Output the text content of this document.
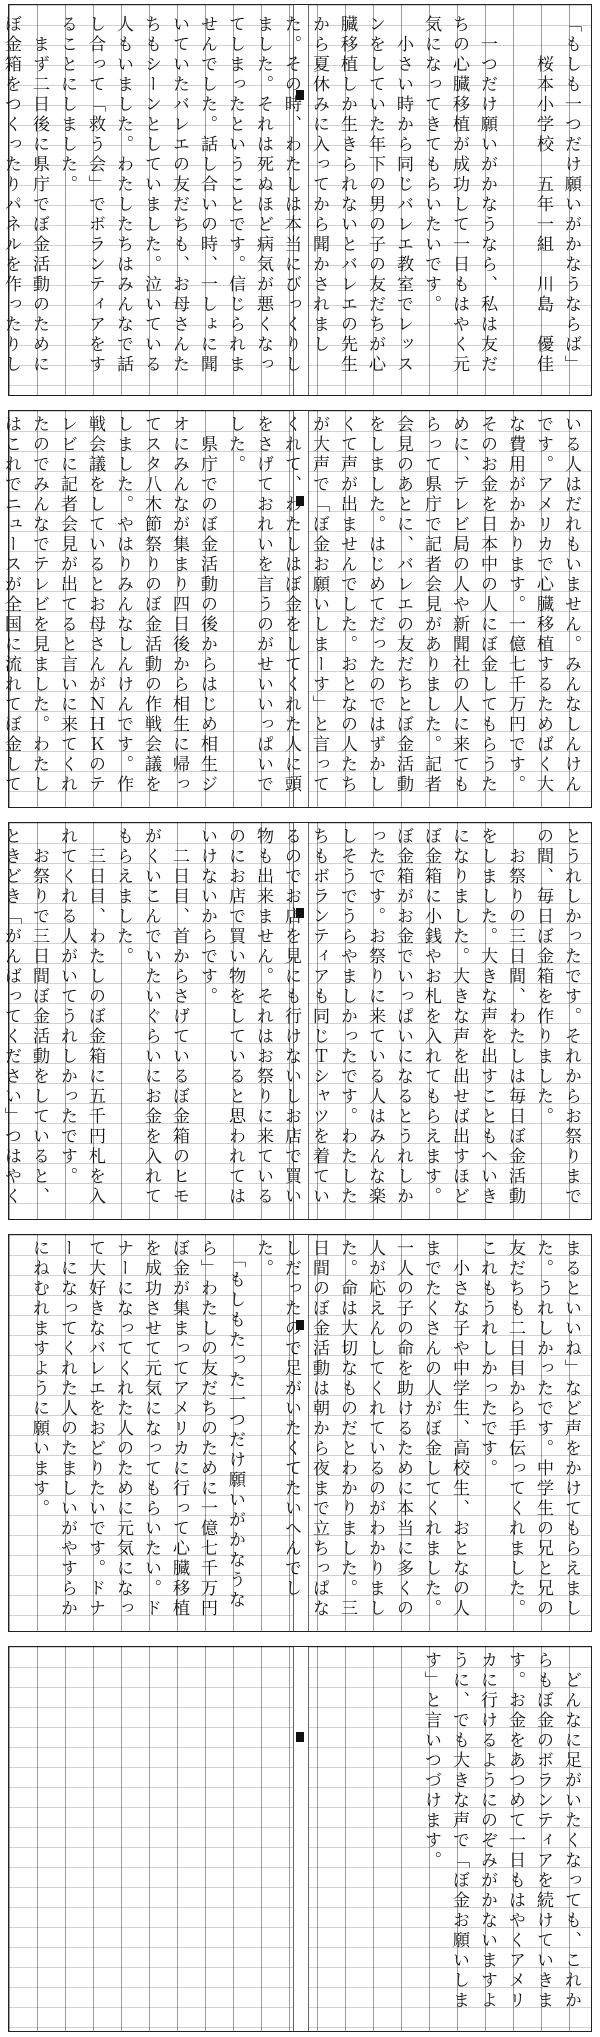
「もしも一つだけ願いがかなうならば」
　　桜本小学校　五年一組　川島　優佳

　一つだけ願いがかなうなら、私は友だちの心臓移植が成功して一日もはやく元気になってきてもらいたいです。
　小さい時から同じバレエ教室でレッスンをしていた年下の男の子の友だちが心臓移植しか生きられないとバレエの先生から夏休みに入ってから聞かされました。その時、わたしは本当にびっくりしました。それは死ぬほど病気が悪くなってしまったということです。信じられませんでした。話し合いの時、一しょに聞いていたバレエの友だちも、お母さんたちもシーンとしていました。泣いている人もいました。わたしたちはみんなで話し合って「救う会」でボランティアをすることにしました。
　まず二日後に県庁でぼ金活動のためにぼ金箱をつくったりパネルを作ったりし
いる人はだれもいません。みんなしんけんです。アメリカで心臓移植するためばく大な費用がかかります。一億七千万円です。そのお金を日本中の人にぼ金してもらうために、テレビ局の人や新聞社の人に来てもらって県庁で記者会見がありました。記者会見のあとに、バレエの友だちとぼ金活動をしました。はじめてだったのではずかしくて声が出ませんでした。おとなの人たちが大声で「ぼ金お願いしまーす」と言ってくれて、わたしはぼ金をしてくれた人に頭をさげておれいを言うのがせいいっぱいでした。
　県庁でのぼ金活動の後からはじめ相生ジオにみんなが集まり四日後から相生に帰ってスタ八木節祭りのぼ金活動の作戦会議をしました。やはりみんなしんけんです。作戦会議をしているとお母さんがＮＨＫのテレビに記者会見が出てると言いに来てくれたのでみんなでテレビを見ました。わたしはこれでニュースが全国に流れてぼ金して
とうれしかったです。それからお祭りまでの間、毎日ぼ金箱を作りました。
　お祭りの三日間、わたしは毎日ぼ金活動をしました。大きな声を出すこともへいきになりました。大きな声を出せば出すほどぼ金箱に小銭やお札を入れてもらえます。ぼ金箱がお金でいっぱいになるとうれしかったです。お祭りに来ている人はみんな楽しそうでうらやましかったです。わたしたちもボランティアも同じＴシャツを着ているのでお店を見にも行けないしお店で買い物も出来ません。それはお祭りに来ているのにお店で買い物をしていると思われてはいけないからです。
　二日目、首からさげているぼ金箱のヒモがくいこんでいたいぐらいにお金を入れてもらえました。
　三日目、わたしのぼ金箱に五千円札を入れてくれる人がいてうれしかったです。
　お祭りで三日間ぼ金活動をしていると、ときどき「がんばってください」つはやく
まるといいね」など声をかけてもらえました。うれしかったです。中学生の兄と兄の友だちも二日目から手伝ってくれました。これもうれしかったです。
　小さな子や中学生、高校生、おとなの人までたくさんの人がぼ金してくれました。一人の子の命を助けるために本当に多くの人が応えんしてくれているのがわかりました。命は大切なものだとわかりました。三日間のぼ金活動は朝から夜まで立ちっぱなしだったので足がいたくてたいへんでした。
　「もしもたった一つだけ願いがかなうなら」わたしの友だちのために一億七千万円ぼ金が集まってアメリカに行って心臓移植を成功させて元気になってもらいたい。ドナーになってくれた人のために元気になって大好きなバレエをおどりたいです。ドナーになってくれた人のたましいがやすらかにねむれますように願います。
　どんなに足がいたくなっても、これからもぼ金のボランティアを続けていきます。お金をあつめて一日もはやくアメリカに行けるようにのぞみがかないますように、でも大きな声で「ぼ金お願いします」と言いつづけます。
